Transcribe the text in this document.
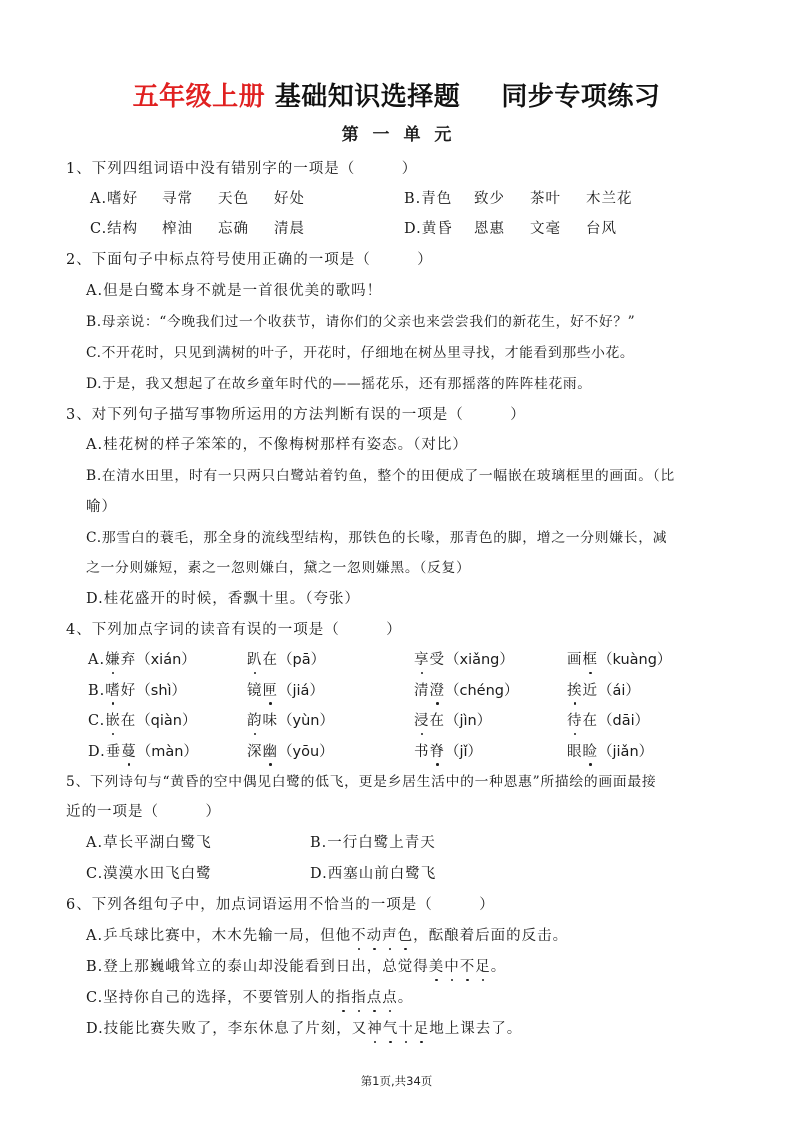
五年级上册 基础知识选择题 同步专项练习
第 一 单 元
1、下列四组词语中没有错别字的一项是（　　　）
A.嗜好 寻常 天色 好处	B.青色 致少 茶叶 木兰花
C.结构 榨油 忘确 清晨	D.黄昏 恩惠 文毫 台风
2、下面句子中标点符号使用正确的一项是（　　　）
A.但是白鹭本身不就是一首很优美的歌吗！
B.母亲说：“今晚我们过一个收获节，请你们的父亲也来尝尝我们的新花生，好不好？”
C.不开花时，只见到满树的叶子，开花时，仔细地在树丛里寻找，才能看到那些小花。
D.于是，我又想起了在故乡童年时代的——摇花乐，还有那摇落的阵阵桂花雨。
3、对下列句子描写事物所运用的方法判断有误的一项是（　　　）
A.桂花树的样子笨笨的，不像梅树那样有姿态。（对比）
B.在清水田里，时有一只两只白鹭站着钓鱼，整个的田便成了一幅嵌在玻璃框里的画面。（比
喻）
C.那雪白的蓑毛，那全身的流线型结构，那铁色的长喙，那青色的脚，增之一分则嫌长，减
之一分则嫌短，素之一忽则嫌白，黛之一忽则嫌黑。（反复）
D.桂花盛开的时候，香飘十里。（夸张）
4、下列加点字词的读音有误的一项是（　　　）
A.嫌弃（xián）	趴在（pā）	享受（xiǎng）	画框（kuàng）
B.嗜好（shì）	镜匣（jiá）	清澄（chéng）	挨近（ái）
C.嵌在（qiàn）	韵味（yùn）	浸在（jìn）	待在（dāi）
D.垂蔓（màn）	深幽（yōu）	书脊（jǐ）	眼睑（jiǎn）
5、下列诗句与“黄昏的空中偶见白鹭的低飞，更是乡居生活中的一种恩惠”所描绘的画面最接
近的一项是（　　　）
A.草长平湖白鹭飞	B.一行白鹭上青天
C.漠漠水田飞白鹭	D.西塞山前白鹭飞
6、下列各组句子中，加点词语运用不恰当的一项是（　　　）
A.乒乓球比赛中，木木先输一局，但他不动声色，酝酿着后面的反击。
B.登上那巍峨耸立的泰山却没能看到日出，总觉得美中不足。
C.坚持你自己的选择，不要管别人的指指点点。
D.技能比赛失败了，李东休息了片刻，又神气十足地上课去了。
第1页,共34页
